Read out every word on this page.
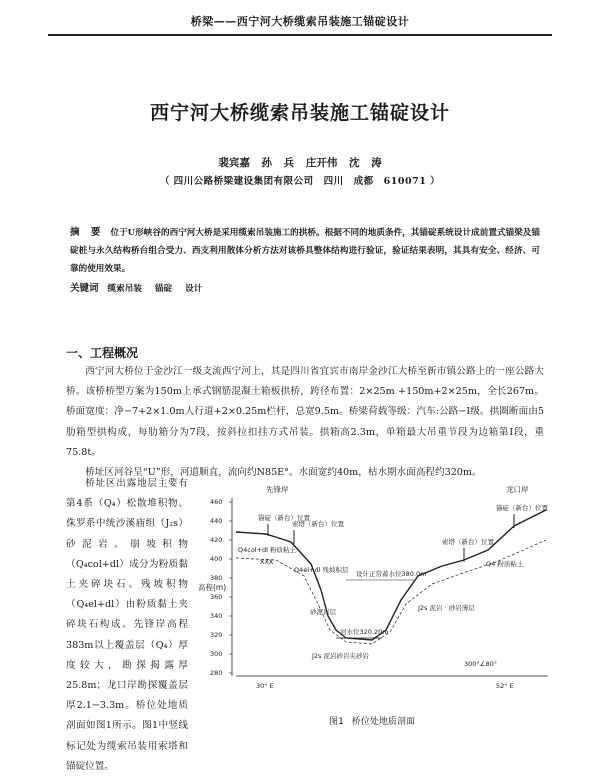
桥梁——西宁河大桥缆索吊装施工锚碇设计
西宁河大桥缆索吊装施工锚碇设计
裴宾嘉 孙 兵 庄开伟 沈 涛
（ 四川公路桥梁建设集团有限公司　四川　成都　610071 ）
摘 要 位于U形峡谷的西宁河大桥是采用缆索吊装施工的拱桥。根据不同的地质条件，其锚碇系统设计成前置式锚梁及锚碇桩与永久结构桥台组合受力、西支利用散体分析方法对该桥具整体结构进行验证，验证结果表明，其具有安全、经济、可靠的使用效果。
关键词 缆索吊装 锚碇 设计
一、工程概况

西宁河大桥位于金沙江一级支流西宁河上，其是四川省宜宾市南岸金沙江大桥至新市镇公路上的一座公路大桥。该桥桥型方案为150m上承式钢筋混凝土箱板拱桥，跨径布置：2×25m +150m+2×25m，全长267m。桥面宽度：净−7+2×1.0m人行道+2×0.25m栏杆，总宽9.5m。桥梁荷载等级：汽车:公路−Ⅰ级。拱圈断面由5肋箱型拱构成，每肋箱分为7段，按斜拉扣挂方式吊装。拱箱高2.3m，单箱最大吊重节段为边箱第Ⅰ段，重75.8t。

桥址区河谷呈“U”形，河道顺直，流向约N85E°。水面宽约40m，枯水期水面高程约320m。

桥址区出露地层主要有第4系（Q₄）松散堆积物、侏罗系中统沙溪庙组（J₂s）砂泥岩。崩坡积物（Q₄col+dl）成分为粉质黏土夹碎块石。残坡积物（Q₄el+dl）由粉质黏土夹碎块石构成。先锋岸高程383m以上覆盖层（Q₄）厚度较大，勘探揭露厚25.8m；龙口岸勘探覆盖层厚2.1−3.3m。桥位处地质剖面如图1所示。图1中竖线标记处为缆索吊装用索塔和锚碇位置。

460
440
420
400
380
360
340
320
300
280
高程(m)
先锋岸	龙口岸
锚碇（新台）位置
索塔（新台）位置
索塔（新台）位置
锚碇（新台）位置
设计正常蓄水位380.0m
Q4col+dl 粉质粘土
Q4el+dl 残坡积层
Q4 粉质粘土
河水位320.20m
J2s 泥岩砂岩夹砂岩
砂泥岩层	J2s 泥岩 · 砂岩薄层
XXX
30° E
300°∠80°
52° E
图1 桥位处地质剖面
